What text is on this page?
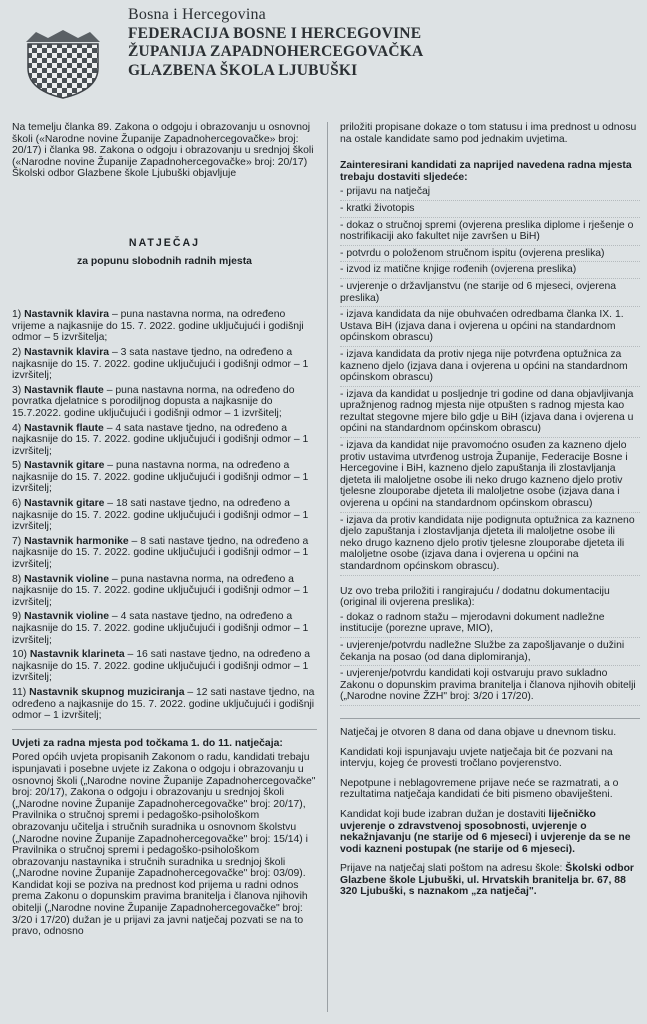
Bosna i Hercegovina
FEDERACIJA BOSNE I HERCEGOVINE
ŽUPANIJA ZAPADNOHERCEGOVAČKA
GLAZBENA ŠKOLA LJUBUŠKI

Na temelju članka 89. Zakona o odgoju i obrazovanju u osnovnoj školi («Narodne novine Županije Zapadnohercegovačke» broj: 20/17) i članka 98. Zakona o odgoju i obrazovanju u srednjoj školi («Narodne novine Županije Zapadnohercegovačke» broj: 20/17) Školski odbor Glazbene škole Ljubuški objavljuje

NATJEČAJ

za popunu slobodnih radnih mjesta

1) Nastavnik klavira – puna nastavna norma, na određeno vrijeme a najkasnije do 15. 7. 2022. godine uključujući i godišnji odmor – 5 izvršitelja;

2) Nastavnik klavira – 3 sata nastave tjedno, na određeno a najkasnije do 15. 7. 2022. godine uključujući i godišnji odmor – 1 izvršitelj;

3) Nastavnik flaute – puna nastavna norma, na određeno do povratka djelatnice s porodiljnog dopusta a najkasnije do 15.7.2022. godine uključujući i godišnji odmor – 1 izvršitelj;

4) Nastavnik flaute – 4 sata nastave tjedno, na određeno a najkasnije do 15. 7. 2022. godine uključujući i godišnji odmor – 1 izvršitelj;

5) Nastavnik gitare – puna nastavna norma, na određeno a najkasnije do 15. 7. 2022. godine uključujući i godišnji odmor – 1 izvršitelj;

6) Nastavnik gitare – 18 sati nastave tjedno, na određeno a najkasnije do 15. 7. 2022. godine uključujući i godišnji odmor – 1 izvršitelj;

7) Nastavnik harmonike – 8 sati nastave tjedno, na određeno a najkasnije do 15. 7. 2022. godine uključujući i godišnji odmor – 1 izvršitelj;

8) Nastavnik violine – puna nastavna norma, na određeno a najkasnije do 15. 7. 2022. godine uključujući i godišnji odmor – 1 izvršitelj;

9) Nastavnik violine – 4 sata nastave tjedno, na određeno a najkasnije do 15. 7. 2022. godine uključujući i godišnji odmor – 1 izvršitelj;

10) Nastavnik klarineta – 16 sati nastave tjedno, na određeno a najkasnije do 15. 7. 2022. godine uključujući i godišnji odmor – 1 izvršitelj;

11) Nastavnik skupnog muziciranja – 12 sati nastave tjedno, na određeno a najkasnije do 15. 7. 2022. godine uključujući i godišnji odmor – 1 izvršitelj;

Uvjeti za radna mjesta pod točkama 1. do 11. natječaja:

Pored općih uvjeta propisanih Zakonom o radu, kandidati trebaju ispunjavati i posebne uvjete iz Zakona o odgoju i obrazovanju u osnovnoj školi („Narodne novine Županije Zapadnohercegovačke" broj: 20/17), Zakona o odgoju i obrazovanju u srednjoj školi („Narodne novine Županije Zapadnohercegovačke" broj: 20/17), Pravilnika o stručnoj spremi i pedagoško-psihološkom obrazovanju učitelja i stručnih suradnika u osnovnom školstvu („Narodne novine Županije Zapadnohercegovačke" broj: 15/14) i Pravilnika o stručnoj spremi i pedagoško-psihološkom obrazovanju nastavnika i stručnih suradnika u srednjoj školi („Narodne novine Županije Zapadnohercegovačke" broj: 03/09). Kandidat koji se poziva na prednost kod prijema u radni odnos prema Zakonu o dopunskim pravima branitelja i članova njihovih obitelji („Narodne novine Županije Zapadnohercegovačke" broj: 3/20 i 17/20) dužan je u prijavi za javni natječaj pozvati se na to pravo, odnosno

priložiti propisane dokaze o tom statusu i ima prednost u odnosu na ostale kandidate samo pod jednakim uvjetima.

Zainteresirani kandidati za naprijed navedena radna mjesta trebaju dostaviti sljedeće:

- prijavu na natječaj

- kratki životopis

- dokaz o stručnoj spremi (ovjerena preslika diplome i rješenje o nostrifikaciji ako fakultet nije završen u BiH)

- potvrdu o položenom stručnom ispitu (ovjerena preslika)

- izvod iz matične knjige rođenih (ovjerena preslika)

- uvjerenje o državljanstvu (ne starije od 6 mjeseci, ovjerena preslika)

- izjava kandidata da nije obuhvaćen odredbama članka IX. 1. Ustava BiH (izjava dana i ovjerena u općini na standardnom općinskom obrascu)

- izjava kandidata da protiv njega nije potvrđena optužnica za kazneno djelo (izjava dana i ovjerena u općini na standardnom općinskom obrascu)

- izjava da kandidat u posljednje tri godine od dana objavljivanja upražnjenog radnog mjesta nije otpušten s radnog mjesta kao rezultat stegovne mjere bilo gdje u BiH (izjava dana i ovjerena u općini na standardnom općinskom obrascu)

- izjava da kandidat nije pravomoćno osuđen za kazneno djelo protiv ustavima utvrđenog ustroja Županije, Federacije Bosne i Hercegovine i BiH, kazneno djelo zapuštanja ili zlostavljanja djeteta ili maloljetne osobe ili neko drugo kazneno djelo protiv tjelesne zlouporabe djeteta ili maloljetne osobe (izjava dana i ovjerena u općini na standardnom općinskom obrascu)

- izjava da protiv kandidata nije podignuta optužnica za kazneno djelo zapuštanja i zlostavljanja djeteta ili maloljetne osobe ili neko drugo kazneno djelo protiv tjelesne zlouporabe djeteta ili maloljetne osobe (izjava dana i ovjerena u općini na standardnom općinskom obrascu).

Uz ovo treba priložiti i rangirajuću / dodatnu dokumentaciju (original ili ovjerena preslika):

- dokaz o radnom stažu – mjerodavni dokument nadležne institucije (porezne uprave, MIO),

- uvjerenje/potvrdu nadležne Službe za zapošljavanje o dužini čekanja na posao (od dana diplomiranja),

- uvjerenje/potvrdu kandidati koji ostvaruju pravo sukladno Zakonu o dopunskim pravima branitelja i članova njihovih obitelji („Narodne novine ŽZH" broj: 3/20 i 17/20).

Natječaj je otvoren 8 dana od dana objave u dnevnom tisku.

Kandidati koji ispunjavaju uvjete natječaja bit će pozvani na intervju, kojeg će provesti tročlano povjerenstvo.

Nepotpune i neblagovremene prijave neće se razmatrati, a o rezultatima natječaja kandidati će biti pismeno obaviješteni.

Kandidat koji bude izabran dužan je dostaviti liječničko uvjerenje o zdravstvenoj sposobnosti, uvjerenje o nekažnjavanju (ne starije od 6 mjeseci) i uvjerenje da se ne vodi kazneni postupak (ne starije od 6 mjeseci).

Prijave na natječaj slati poštom na adresu škole: Školski odbor Glazbene škole Ljubuški, ul. Hrvatskih branitelja br. 67, 88 320 Ljubuški, s naznakom „za natječaj".
